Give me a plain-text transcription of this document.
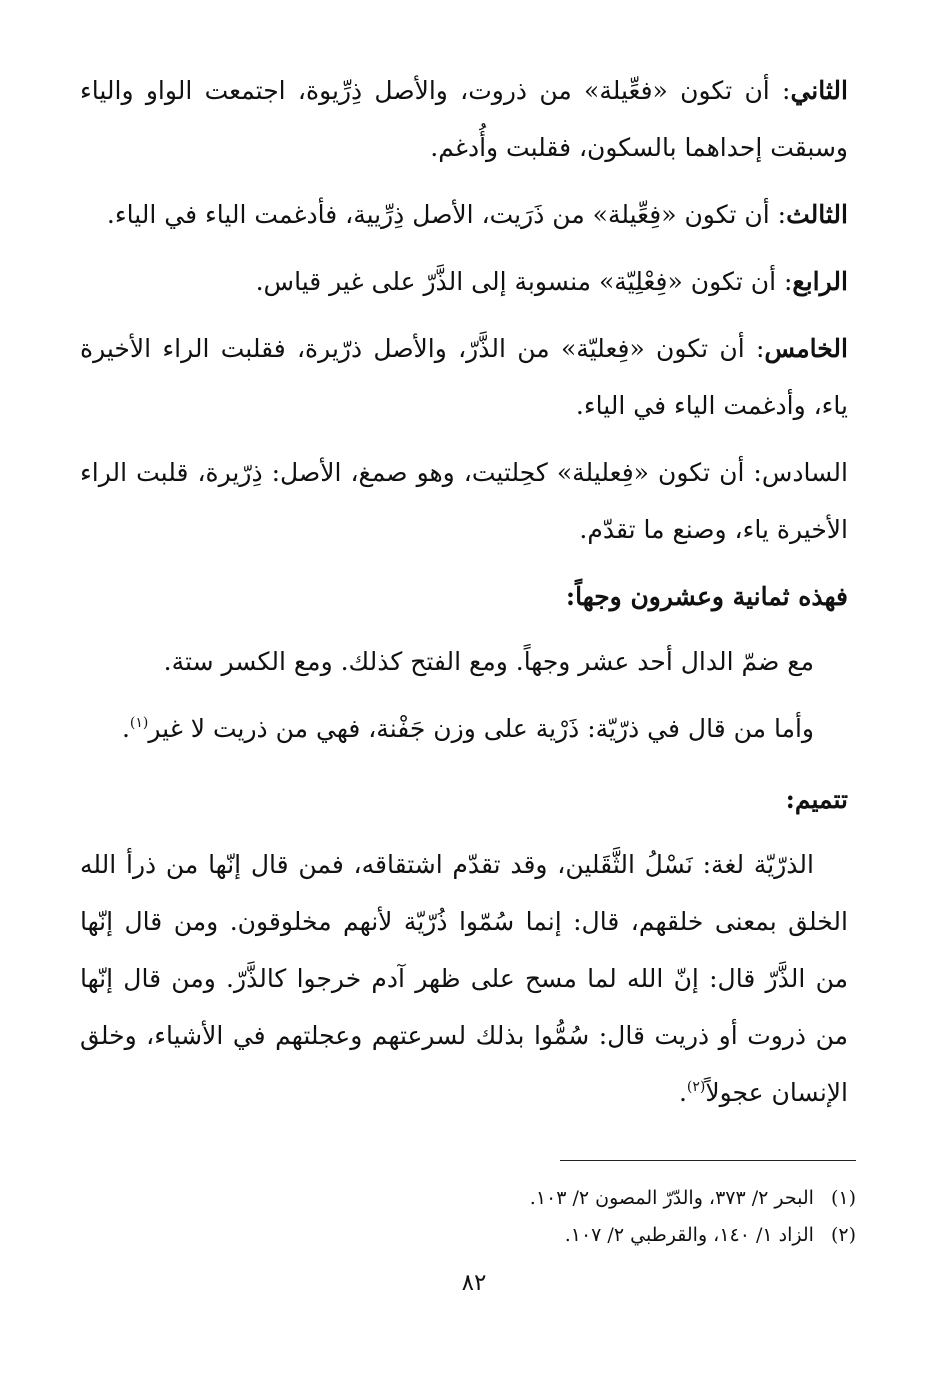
الثاني: أن تكون «فعِّيلة» من ذروت، والأصل ذِرِّيوة، اجتمعت الواو والياء وسبقت إحداهما بالسكون، فقلبت وأُدغم.

الثالث: أن تكون «فِعِّيلة» من ذَرَيت، الأصل ذِرِّيية، فأدغمت الياء في الياء.

الرابع: أن تكون «فِعْلِيّة» منسوبة إلى الذَّرّ على غير قياس.

الخامس: أن تكون «فِعليّة» من الذَّرّ، والأصل ذرّيرة، فقلبت الراء الأخيرة ياء، وأدغمت الياء في الياء.

السادس: أن تكون «فِعليلة» كحِلتيت، وهو صمغ، الأصل: ذِرّيرة، قلبت الراء الأخيرة ياء، وصنع ما تقدّم.

فهذه ثمانية وعشرون وجهاً:

مع ضمّ الدال أحد عشر وجهاً. ومع الفتح كذلك. ومع الكسر ستة.

وأما من قال في ذرّيّة: ذَرْية على وزن جَفْنة، فهي من ذريت لا غير$^{(١)}$.

تتميم:

الذرّيّة لغة: نَسْلُ الثَّقَلين، وقد تقدّم اشتقاقه، فمن قال إنّها من ذرأ الله الخلق بمعنى خلقهم، قال: إنما سُمّوا ذُرّيّة لأنهم مخلوقون. ومن قال إنّها من الذَّرّ قال: إنّ الله لما مسح على ظهر آدم خرجوا كالذَّرّ. ومن قال إنّها من ذروت أو ذريت قال: سُمُّوا بذلك لسرعتهم وعجلتهم في الأشياء، وخلق الإنسان عجولاً$^{(٢)}$.

(١) البحر ٢/ ٣٧٣، والدّرّ المصون ٢/ ١٠٣.
(٢) الزاد ١/ ١٤٠، والقرطبي ٢/ ١٠٧.
٨٢
